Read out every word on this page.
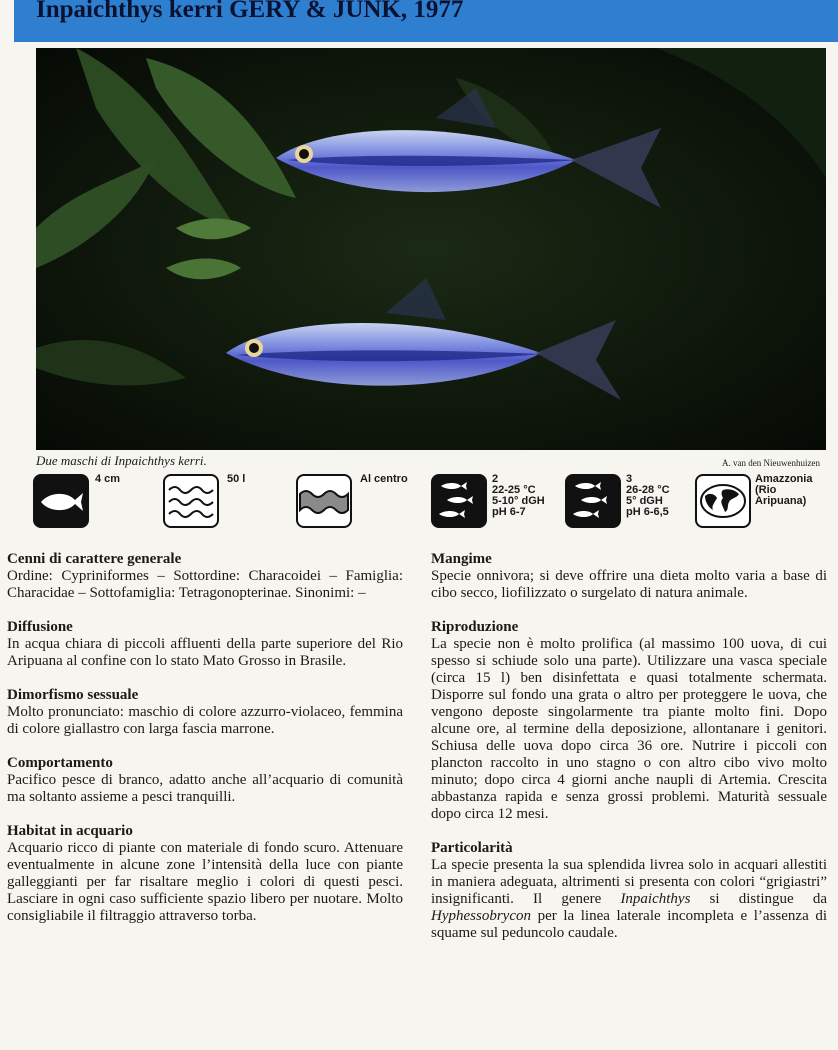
Inpaichthys kerri GERY & JUNK, 1977
Due maschi di Inpaichthys kerri.	A. van den Nieuwenhuizen
4 cm	50 l	Al centro	2
22-25 °C
5-10° dGH
pH 6-7
3
26-28 °C
5° dGH
pH 6-6,5
Amazzonia
(Rio
Aripuana)
Cenni di carattere generale

Ordine: Cypriniformes – Sottordine: Characoidei – Famiglia: Characidae – Sottofamiglia: Tetragonopterinae. Sinonimi: –

Diffusione

In acqua chiara di piccoli affluenti della parte superiore del Rio Aripuana al confine con lo stato Mato Grosso in Brasile.

Dimorfismo sessuale

Molto pronunciato: maschio di colore azzurro-violaceo, femmina di colore giallastro con larga fascia marrone.

Comportamento

Pacifico pesce di branco, adatto anche all’acquario di comunità ma soltanto assieme a pesci tranquilli.

Habitat in acquario

Acquario ricco di piante con materiale di fondo scuro. Attenuare eventualmente in alcune zone l’intensità della luce con piante galleggianti per far risaltare meglio i colori di questi pesci. Lasciare in ogni caso sufficiente spazio libero per nuotare. Molto consigliabile il filtraggio attraverso torba.

Mangime

Specie onnivora; si deve offrire una dieta molto varia a base di cibo secco, liofilizzato o surgelato di natura animale.

Riproduzione

La specie non è molto prolifica (al massimo 100 uova, di cui spesso si schiude solo una parte). Utilizzare una vasca speciale (circa 15 l) ben disinfettata e quasi totalmente schermata. Disporre sul fondo una grata o altro per proteggere le uova, che vengono deposte singolarmente tra piante molto fini. Dopo alcune ore, al termine della deposizione, allontanare i genitori. Schiusa delle uova dopo circa 36 ore. Nutrire i piccoli con plancton raccolto in uno stagno o con altro cibo vivo molto minuto; dopo circa 4 giorni anche naupli di Artemia. Crescita abbastanza rapida e senza grossi problemi. Maturità sessuale dopo circa 12 mesi.

Particolarità

La specie presenta la sua splendida livrea solo in acquari allestiti in maniera adeguata, altrimenti si presenta con colori “grigiastri” insignificanti. Il genere Inpaichthys si distingue da Hyphessobrycon per la linea laterale incompleta e l’assenza di squame sul peduncolo caudale.
